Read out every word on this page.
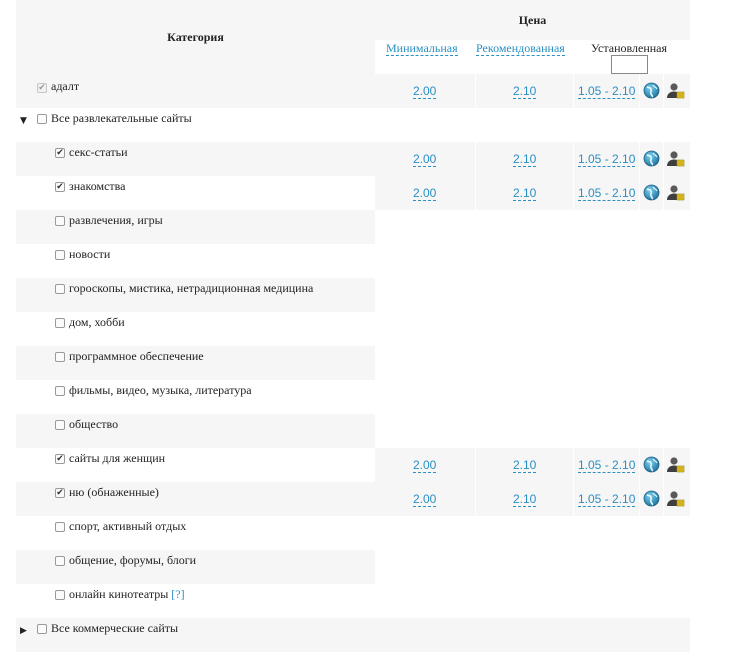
Категория
Цена
Минимальная Рекомендованная Установленная
✔ адалт	2.00	2.10	1.05 - 2.10
▼ Все развлекательные сайты
✔ секс-статьи	2.00	2.10	1.05 - 2.10
✔ знакомства	2.00	2.10	1.05 - 2.10
развлечения, игры
новости
гороскопы, мистика, нетрадиционная медицина
дом, хобби
программное обеспечение
фильмы, видео, музыка, литература
общество
✔ сайты для женщин	2.00	2.10	1.05 - 2.10
✔ ню (обнаженные)	2.00	2.10	1.05 - 2.10
спорт, активный отдых
общение, форумы, блоги
онлайн кинотеатры [?]
▶ Все коммерческие сайты
